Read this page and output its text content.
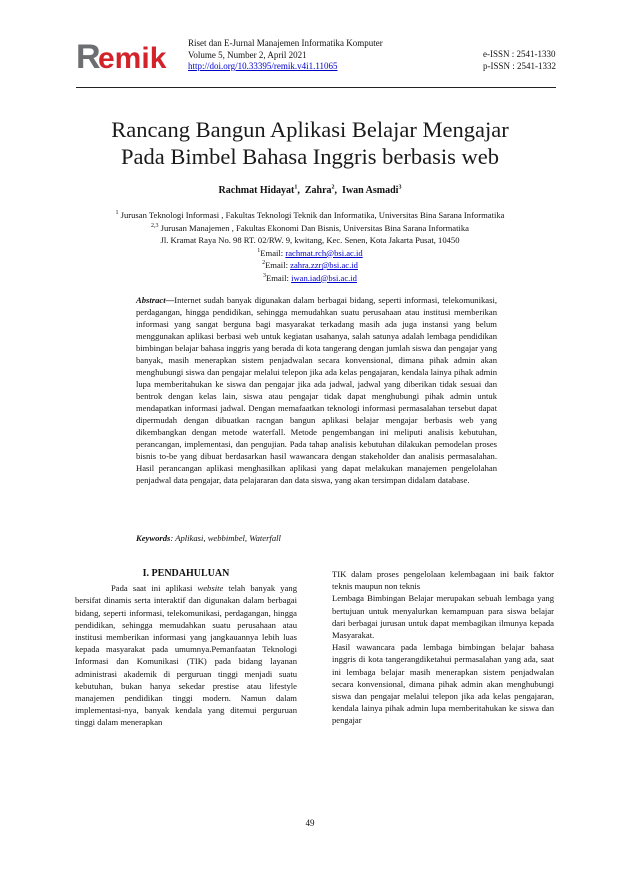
R
emik Riset dan E-Jurnal Manajemen Informatika Komputer
Volume 5, Number 2, April 2021
http://doi.org/10.33395/remik.v4i1.11065
e-ISSN : 2541-1330
p-ISSN : 2541-1332
Rancang Bangun Aplikasi Belajar Mengajar
Pada Bimbel Bahasa Inggris berbasis web
Rachmat Hidayat$^1$,  Zahra$^2$,  Iwan Asmadi$^3$
$^1$ Jurusan Teknologi Informasi , Fakultas Teknologi Teknik dan Informatika, Universitas Bina Sarana Informatika
$^{2,3}$ Jurusan Manajemen , Fakultas Ekonomi Dan Bisnis, Universitas Bina Sarana Informatika
Jl. Kramat Raya No. 98 RT. 02/RW. 9, kwitang, Kec. Senen, Kota Jakarta Pusat, 10450
$^1$Email: rachmat.rch@bsi.ac.id
$^2$Email: zahra.zzr@bsi.ac.id
$^3$Email: iwan.iad@bsi.ac.id
Abstract—Internet sudah banyak digunakan dalam berbagai bidang, seperti informasi, telekomunikasi, perdagangan, hingga pendidikan, sehingga memudahkan suatu perusahaan atau institusi memberikan informasi yang sangat berguna bagi masyarakat terkadang masih ada juga instansi yang belum menggunakan aplikasi berbasi web untuk kegiatan usahanya, salah satunya adalah lembaga pendidikan bimbingan belajar bahasa inggris yang berada di kota tangerang dengan jumlah siswa dan pengajar yang banyak, masih menerapkan sistem penjadwalan secara konvensional, dimana pihak admin akan menghubungi siswa dan pengajar melalui telepon jika ada kelas pengajaran, kendala lainya pihak admin lupa memberitahukan ke siswa dan pengajar jika ada jadwal, jadwal yang diberikan tidak sesuai dan bentrok dengan kelas lain, siswa atau pengajar tidak dapat menghubungi pihak admin untuk mendapatkan informasi jadwal. Dengan memafaatkan teknologi informasi permasalahan tersebut dapat dipermudah dengan dibuatkan racngan bangun aplikasi belajar mengajar berbasis web yang dikembangkan dengan metode waterfall. Metode pengembangan ini meliputi analisis kebutuhan, perancangan, implementasi, dan pengujian. Pada tahap analisis kebutuhan dilakukan pemodelan proses bisnis to-be yang dibuat berdasarkan hasil wawancara dengan stakeholder dan analisis permasalahan. Hasil perancangan aplikasi menghasilkan aplikasi yang dapat melakukan manajemen pengelolahan penjadwal data pengajar, data pelajararan dan data siswa, yang akan tersimpan didalam database.
Keywords: Aplikasi, webbimbel, Waterfall

I. PENDAHULUAN

Pada saat ini aplikasi website telah banyak yang bersifat dinamis serta interaktif dan digunakan dalam berbagai bidang, seperti informasi, telekomunikasi, perdagangan, hingga pendidikan, sehingga memudahkan suatu perusahaan atau institusi memberikan informasi yang jangkauannya lebih luas kepada masyarakat pada umumnya.Pemanfaatan Teknologi Informasi dan Komunikasi (TIK) pada bidang layanan administrasi akademik di perguruan tinggi menjadi suatu kebutuhan, bukan hanya sekedar prestise atau lifestyle manajemen pendidikan tinggi modern. Namun dalam implementasi-nya, banyak kendala yang ditemui perguruan tinggi dalam menerapkan

TIK dalam proses pengelolaan kelembagaan ini baik faktor teknis maupun non teknis

Lembaga Bimbingan Belajar merupakan sebuah lembaga yang bertujuan untuk menyalurkan kemampuan para siswa belajar dari berbagai jurusan untuk dapat membagikan ilmunya kepada Masyarakat.

Hasil wawancara pada lembaga bimbingan belajar bahasa inggris di kota tangerangdiketahui permasalahan yang ada, saat ini lembaga belajar masih menerapkan sistem penjadwalan secara konvensional, dimana pihak admin akan menghubungi siswa dan pengajar melalui telepon jika ada kelas pengajaran, kendala lainya pihak admin lupa memberitahukan ke siswa dan pengajar

49
